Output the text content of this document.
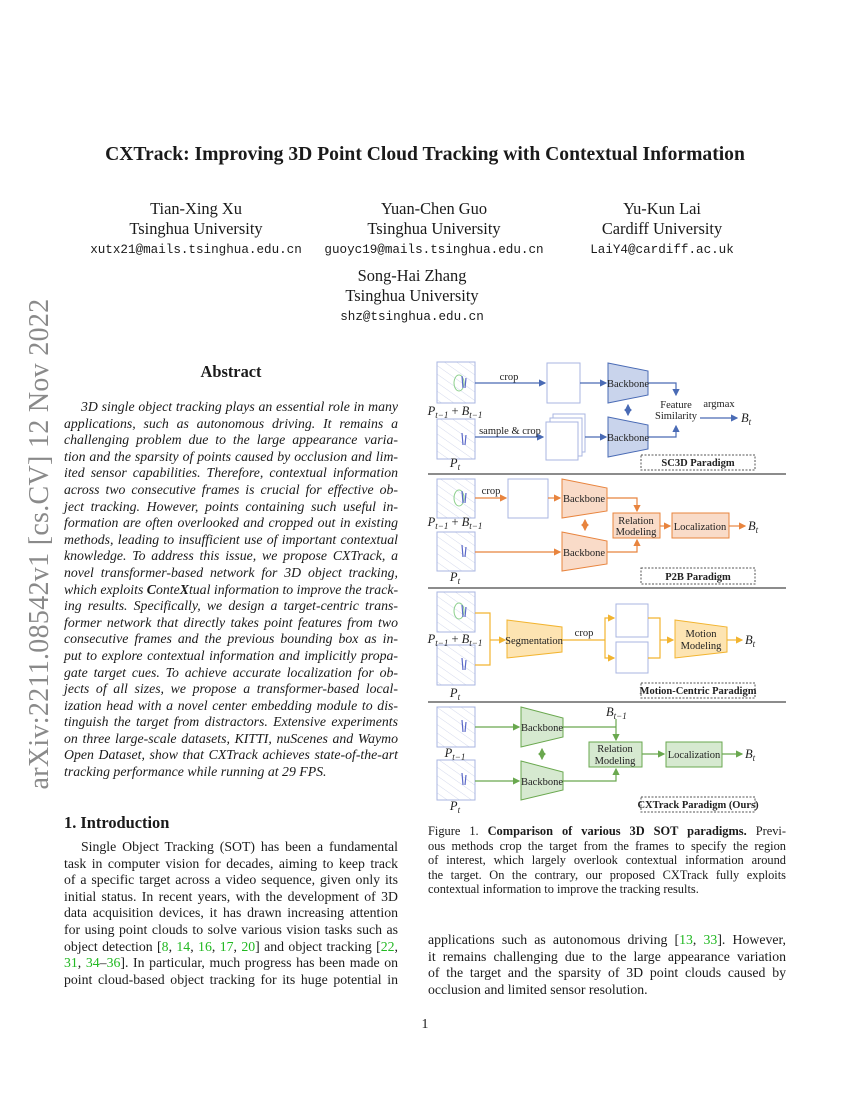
arXiv:2211.08542v1 [cs.CV] 12 Nov 2022
CXTrack: Improving 3D Point Cloud Tracking with Contextual Information
Tian-Xing Xu
Tsinghua University
xutx21@mails.tsinghua.edu.cn
Yuan-Chen Guo
Tsinghua University
guoyc19@mails.tsinghua.edu.cn
Yu-Kun Lai
Cardiff University
LaiY4@cardiff.ac.uk
Song-Hai Zhang
Tsinghua University
shz@tsinghua.edu.cn
Abstract
3D single object tracking plays an essential role in many
applications, such as autonomous driving. It remains a
challenging problem due to the large appearance varia-
tion and the sparsity of points caused by occlusion and lim-
ited sensor capabilities. Therefore, contextual information
across two consecutive frames is crucial for effective ob-
ject tracking. However, points containing such useful in-
formation are often overlooked and cropped out in existing
methods, leading to insufficient use of important contextual
knowledge. To address this issue, we propose CXTrack, a
novel transformer-based network for 3D object tracking,
which exploits ConteXtual information to improve the track-
ing results. Specifically, we design a target-centric trans-
former network that directly takes point features from two
consecutive frames and the previous bounding box as in-
put to explore contextual information and implicitly propa-
gate target cues. To achieve accurate localization for ob-
jects of all sizes, we propose a transformer-based local-
ization head with a novel center embedding module to dis-
tinguish the target from distractors. Extensive experiments
on three large-scale datasets, KITTI, nuScenes and Waymo
Open Dataset, show that CXTrack achieves state-of-the-art
tracking performance while running at 29 FPS.
1. Introduction
Single Object Tracking (SOT) has been a fundamental
task in computer vision for decades, aiming to keep track
of a specific target across a video sequence, given only its
initial status. In recent years, with the development of 3D
data acquisition devices, it has drawn increasing attention
for using point clouds to solve various vision tasks such as
object detection [8, 14, 16, 17, 20] and object tracking [22,
31, 34–36]. In particular, much progress has been made on
point cloud-based object tracking for its huge potential in
applications such as autonomous driving [13, 33]. However,
it remains challenging due to the large appearance variation
of the target and the sparsity of 3D point clouds caused by
occlusion and limited sensor resolution.
$P_{t-1} + B_{t-1}$
$P_t$
$P_{t-1} + B_{t-1}$
$P_t$
$P_{t-1} + B_{t-1}$
$P_t$
$P_{t-1}$
$P_t$
$B_t$
$B_t$
$B_t$
$B_t$
$B_{t-1}$
crop
sample & crop
Backbone
Backbone
Feature
Similarity
argmax
SC3D Paradigm
crop
Backbone
Backbone
Relation
Modeling Localization
P2B Paradigm
Segmentation
crop	Motion
Modeling
Motion-Centric Paradigm
Backbone
Backbone
Relation
Modeling
Localization
CXTrack Paradigm (Ours)
Figure 1. Comparison of various 3D SOT paradigms. Previ-
ous methods crop the target from the frames to specify the region
of interest, which largely overlook contextual information around
the target. On the contrary, our proposed CXTrack fully exploits
contextual information to improve the tracking results.
1
